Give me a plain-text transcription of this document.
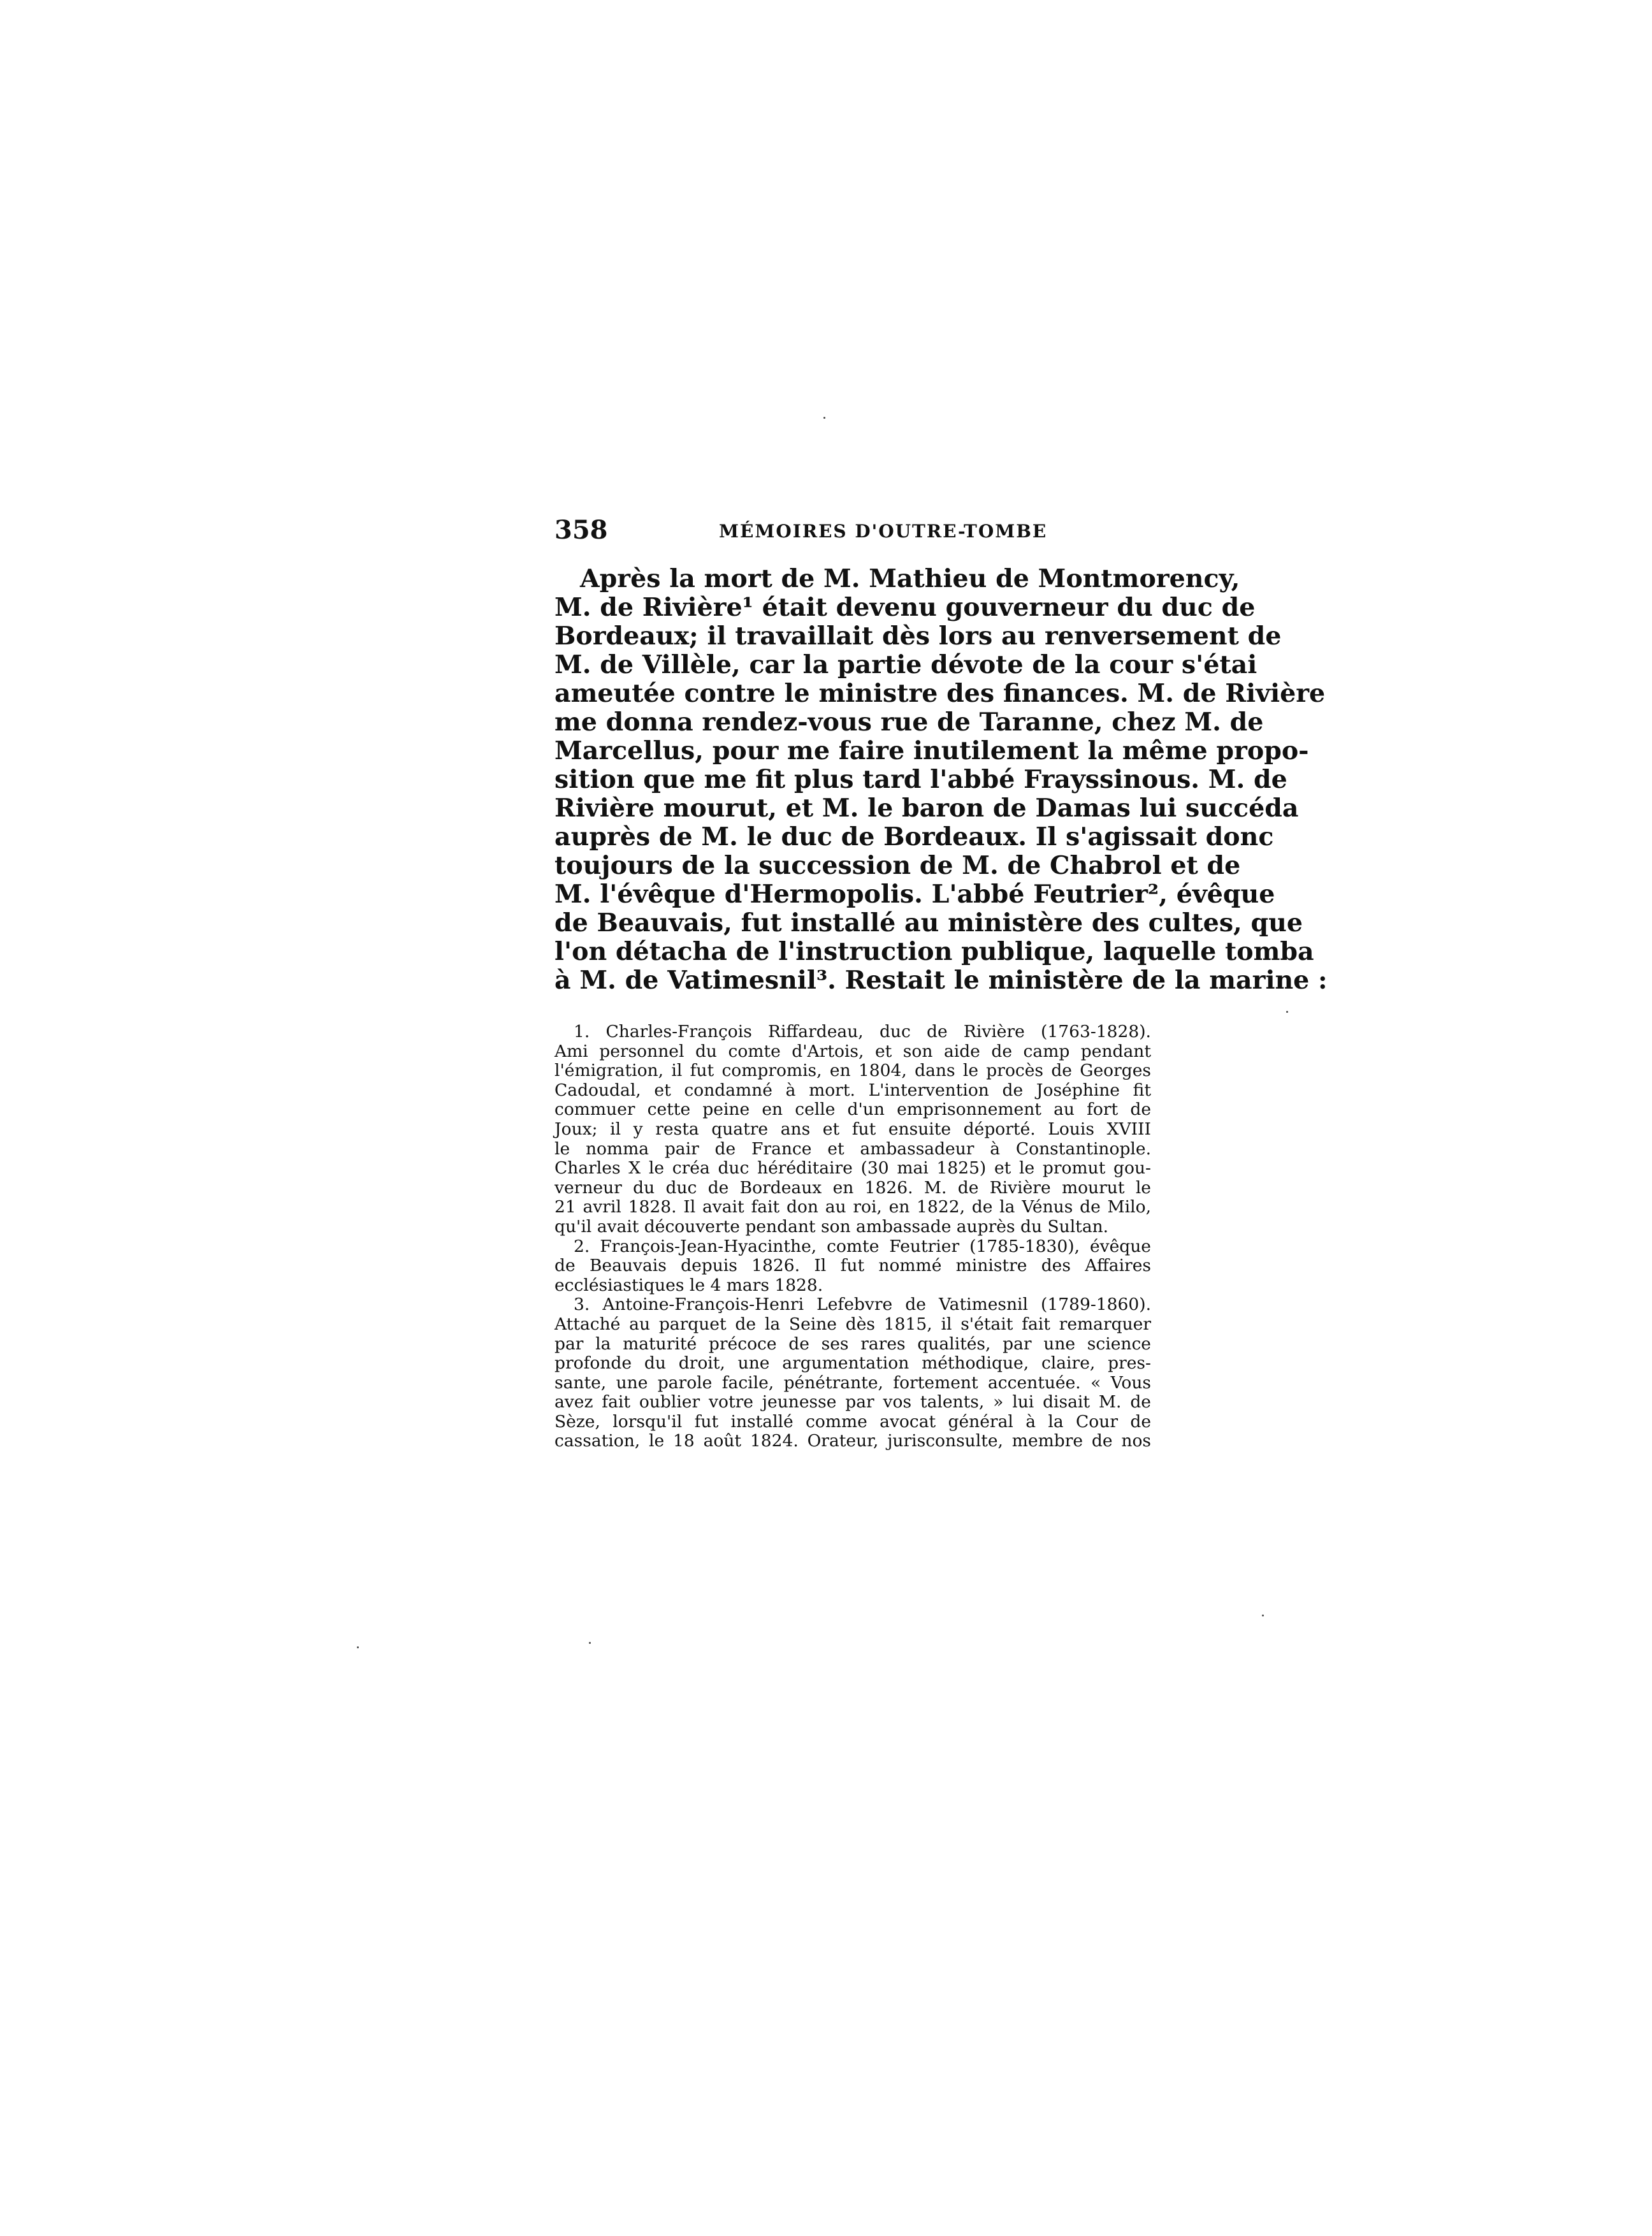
358	MÉMOIRES D'OUTRE-TOMBE
Après la mort de M. Mathieu de Montmorency,
M. de Rivière¹ était devenu gouverneur du duc de
Bordeaux; il travaillait dès lors au renversement de
M. de Villèle, car la partie dévote de la cour s'étai
ameutée contre le ministre des finances. M. de Rivière
me donna rendez-vous rue de Taranne, chez M. de
Marcellus, pour me faire inutilement la même propo-
sition que me fit plus tard l'abbé Frayssinous. M. de
Rivière mourut, et M. le baron de Damas lui succéda
auprès de M. le duc de Bordeaux. Il s'agissait donc
toujours de la succession de M. de Chabrol et de
M. l'évêque d'Hermopolis. L'abbé Feutrier², évêque
de Beauvais, fut installé au ministère des cultes, que
l'on détacha de l'instruction publique, laquelle tomba
à M. de Vatimesnil³. Restait le ministère de la marine :
1. Charles-François Riffardeau, duc de Rivière (1763-1828).
Ami personnel du comte d'Artois, et son aide de camp pendant
l'émigration, il fut compromis, en 1804, dans le procès de Georges
Cadoudal, et condamné à mort. L'intervention de Joséphine fit
commuer cette peine en celle d'un emprisonnement au fort de
Joux; il y resta quatre ans et fut ensuite déporté. Louis XVIII
le nomma pair de France et ambassadeur à Constantinople.
Charles X le créa duc héréditaire (30 mai 1825) et le promut gou-
verneur du duc de Bordeaux en 1826. M. de Rivière mourut le
21 avril 1828. Il avait fait don au roi, en 1822, de la Vénus de Milo,
qu'il avait découverte pendant son ambassade auprès du Sultan.
2. François-Jean-Hyacinthe, comte Feutrier (1785-1830), évêque
de Beauvais depuis 1826. Il fut nommé ministre des Affaires
ecclésiastiques le 4 mars 1828.
3. Antoine-François-Henri Lefebvre de Vatimesnil (1789-1860).
Attaché au parquet de la Seine dès 1815, il s'était fait remarquer
par la maturité précoce de ses rares qualités, par une science
profonde du droit, une argumentation méthodique, claire, pres-
sante, une parole facile, pénétrante, fortement accentuée. « Vous
avez fait oublier votre jeunesse par vos talents, » lui disait M. de
Sèze, lorsqu'il fut installé comme avocat général à la Cour de
cassation, le 18 août 1824. Orateur, jurisconsulte, membre de nos
